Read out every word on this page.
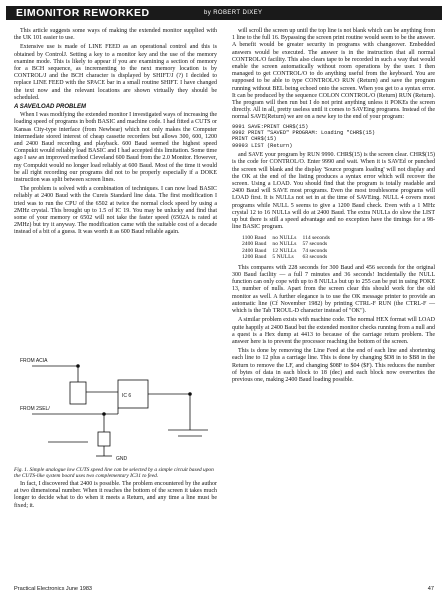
EIMONITOR REWORKED	by ROBERT DIXEY

This article suggests some ways of making the extended monitor supplied with the UK 101 easier to use.

Extensive use is made of LINE FEED as an operational control and this is obtained by ControlJ. Setting a key to a monitor key and the use of the memory examine mode. This is likely to appear if you are examining a section of memory for a BCH sequence, as incrementing to the next memory location is by CONTROL/J and the BCH character is displayed by SHIFT/J (?) I decided to replace LINE FEED with the SPACE bar in a small routine SHIFT. I have changed the text now and the relevant locations are shown virtually they should be scheduled.

A SAVE/LOAD PROBLEM

When I was modifying the extended monitor I investigated ways of increasing the loading speed of programs in both BASIC and machine code. I had fitted a CUTS or Kansas City-type interface (from Newbear) which not only makes the Computer intermediate stored interest of cheap cassette recorders but allows 300, 600, 1200 and 2400 Baud recording and playback. 600 Baud seemed the highest speed Compukit would reliably load BASIC and I had accepted this limitation. Some time ago I saw an improved method Cleveland 600 Baud from the 2.0 Monitor. However, my Compukit would no longer load reliably at 600 Baud. Most of the time it would be all right recording our programs did not to be properly especially if a DOKE instruction was split between screen lines.

The problem is solved with a combination of techniques. I can now load BASIC reliably at 2400 Baud with the Cureis Standard line data. The first modification I tried was to run the CPU of the 6502 at twice the normal clock speed by using a 2MHz crystal. This brought up to 1.5 of IC 19. You may be unlucky and find that some of your memory or 6502 will not take the faster speed (6502A is rated at 2MHz) but try it anyway. The modification came with the suitable cost of a decade instead of a bit of a guess. It was worth it as 600 Baud reliable again.

FROM ACIA
FROM 2SEL/
IC 6
GND
Fig. 1. Simple analogue low CUTS speed line can be selected by a simple circuit based upon the CUTS-like system board uses two complementary IC31 to feed.

In fact, I discovered that 2400 is possible. The problem encountered by the author at two dimensional number. When it reaches the bottom of the screen it takes much longer to decide what to do when it meets a Return, and any time a line must be fixed; it.

will scroll the screen up until the top line is not blank which can be anything from 1 line to the full 16. Bypassing the screen print routine would seem to be the answer. A benefit would be greater security in programs with changeover. Embedded answers would be executed. The answer is in the instruction that all normal CONTROL/O facility. This also clears tape to be recorded in such a way that would enable the screen automatically without room operations by the user. I then managed to get CONTROL/O to do anything useful from the keyboard. You are supposed to be able to type CONTROL/O RUN (Return) and save the program running without BEL being echoed onto the screen. When you get to a syntax error. It can be produced by the sequence COLON CONTROL/O (Return) RUN (Return). The program will then run but I do not print anything unless it POKEs the screen directly. All in all, pretty useless until it comes to SAVEing programs. Instead of the normal SAVE(Return) we are on a new key to the end of your program:

9991 SAVE:PRINT CHR$(15)
9992 PRINT "SAVED" PROGRAM: Loading "CHR$(15)
PRINT CHR$(15)
99993 LIST (Return)

and SAVE your program by RUN 9990. CHR$(15) is the screen clear. CHR$(15) is the code for CONTROL/O. Enter 9990 and wait. When it is SAVEd or punched the screen will blank and the display 'Source program loading' will not display and the OK at the end of the listing produces a syntax error which will recover the screen. Using a LOAD. You should find that the program is totally readable and 2400 Baud will SAVE most programs. Even the most troublesome programs will LOAD first. It is NULLs not set in at the time of SAVEing. NULL 4 covers most programs while NULL 5 seems to give a 1200 Baud check. Even with a 1 MHz crystal 12 to 16 NULLs will do at 2400 Baud. The extra NULLs do slow the LIST up but there is still a speed advantage and no exception have the timings for a 98-line BASIC program.

1100 Baud	no NULLs	114 seconds
2400 Baud	no NULLs	57 seconds
2400 Baud	12 NULLs	74 seconds
1200 Baud	5 NULLs	63 seconds

This compares with 228 seconds for 300 Baud and 456 seconds for the original 300 Baud facility — a full 7 minutes and 36 seconds! Incidentally the NULL function can only cope with up to 8 NULLs but up to 255 can be put in using POKE 13, number of nulls. Apart from the screen clear this should work for the old monitor as well. A further elegance is to use the OK message printer to provide an automatic line (Cf November 1982) by printing CTRL-F RUN (the CTRL-F — which is the Tab TROUL-D character instead of "OK").

A similar problem exists with machine code. The normal HEX format will LOAD quite happily at 2400 Baud but the extended monitor checks running from a null and a quest is a Hex dump at 4413 to because of the carriage return problem. The answer here is to prevent the processor reaching the bottom of the screen.

This is done by removing the Line Feed at the end of each line and shortening each line to 12 plus a carriage line. This is done by changing $D8 in to $B8 in the Return to remove the LF, and changing $08F to $04 ($F). This reduces the number of bytes of data in each block to 18 (dec) and each block now overwrites the previous one, making 2400 Baud loading possible.

Practical Electronics June 1983	47
